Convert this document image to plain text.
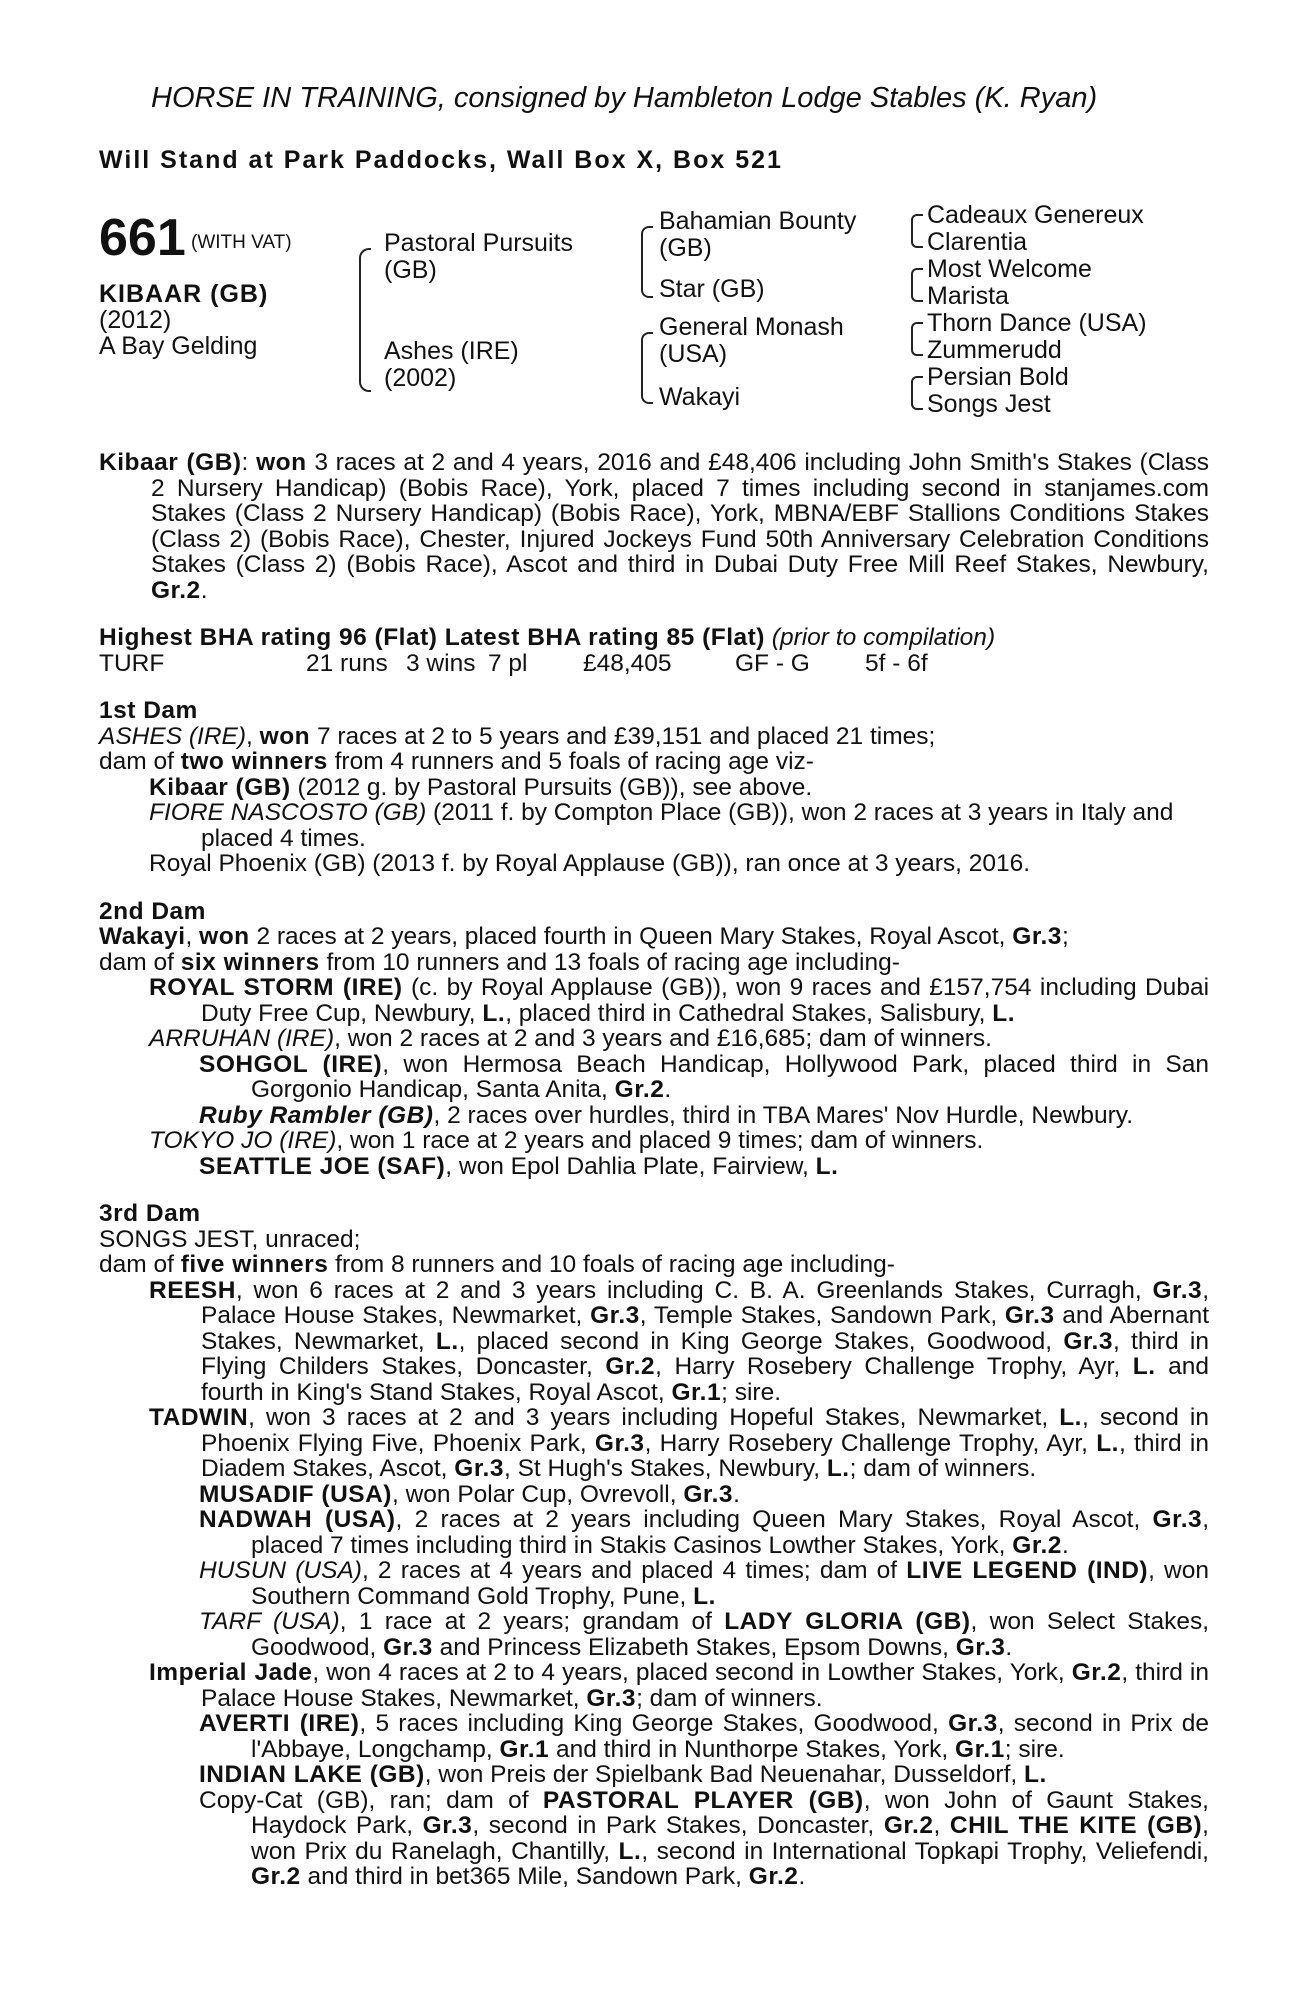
HORSE IN TRAINING, consigned by Hambleton Lodge Stables (K. Ryan)
Will Stand at Park Paddocks, Wall Box X, Box 521
661 (WITH VAT)
KIBAAR (GB)
(2012)
A Bay Gelding
Pastoral Pursuits
(GB)
Ashes (IRE)
(2002)
Bahamian Bounty
(GB)
Star (GB)
General Monash
(USA)
Wakayi
Cadeaux Genereux
Clarentia
Most Welcome
Marista
Thorn Dance (USA)
Zummerudd
Persian Bold
Songs Jest

Kibaar (GB): won 3 races at 2 and 4 years, 2016 and £48,406 including John Smith's Stakes (Class 2 Nursery Handicap) (Bobis Race), York, placed 7 times including second in stanjames.com Stakes (Class 2 Nursery Handicap) (Bobis Race), York, MBNA/EBF Stallions Conditions Stakes (Class 2) (Bobis Race), Chester, Injured Jockeys Fund 50th Anniversary Celebration Conditions Stakes (Class 2) (Bobis Race), Ascot and third in Dubai Duty Free Mill Reef Stakes, Newbury, Gr.2.

Highest BHA rating 96 (Flat) Latest BHA rating 85 (Flat) (prior to compilation)

TURF	21 runs 3 wins 7 pl	£48,405	GF - G	5f - 6f

1st Dam

ASHES (IRE), won 7 races at 2 to 5 years and £39,151 and placed 21 times;

dam of two winners from 4 runners and 5 foals of racing age viz-

Kibaar (GB) (2012 g. by Pastoral Pursuits (GB)), see above.

FIORE NASCOSTO (GB) (2011 f. by Compton Place (GB)), won 2 races at 3 years in Italy and placed 4 times.

Royal Phoenix (GB) (2013 f. by Royal Applause (GB)), ran once at 3 years, 2016.

2nd Dam

Wakayi, won 2 races at 2 years, placed fourth in Queen Mary Stakes, Royal Ascot, Gr.3;

dam of six winners from 10 runners and 13 foals of racing age including-

ROYAL STORM (IRE) (c. by Royal Applause (GB)), won 9 races and £157,754 including Dubai Duty Free Cup, Newbury, L., placed third in Cathedral Stakes, Salisbury, L.

ARRUHAN (IRE), won 2 races at 2 and 3 years and £16,685; dam of winners.

SOHGOL (IRE), won Hermosa Beach Handicap, Hollywood Park, placed third in San Gorgonio Handicap, Santa Anita, Gr.2.

Ruby Rambler (GB), 2 races over hurdles, third in TBA Mares' Nov Hurdle, Newbury.

TOKYO JO (IRE), won 1 race at 2 years and placed 9 times; dam of winners.

SEATTLE JOE (SAF), won Epol Dahlia Plate, Fairview, L.

3rd Dam

SONGS JEST, unraced;

dam of five winners from 8 runners and 10 foals of racing age including-

REESH, won 6 races at 2 and 3 years including C. B. A. Greenlands Stakes, Curragh, Gr.3, Palace House Stakes, Newmarket, Gr.3, Temple Stakes, Sandown Park, Gr.3 and Abernant Stakes, Newmarket, L., placed second in King George Stakes, Goodwood, Gr.3, third in Flying Childers Stakes, Doncaster, Gr.2, Harry Rosebery Challenge Trophy, Ayr, L. and fourth in King's Stand Stakes, Royal Ascot, Gr.1; sire.

TADWIN, won 3 races at 2 and 3 years including Hopeful Stakes, Newmarket, L., second in Phoenix Flying Five, Phoenix Park, Gr.3, Harry Rosebery Challenge Trophy, Ayr, L., third in Diadem Stakes, Ascot, Gr.3, St Hugh's Stakes, Newbury, L.; dam of winners.

MUSADIF (USA), won Polar Cup, Ovrevoll, Gr.3.

NADWAH (USA), 2 races at 2 years including Queen Mary Stakes, Royal Ascot, Gr.3, placed 7 times including third in Stakis Casinos Lowther Stakes, York, Gr.2.

HUSUN (USA), 2 races at 4 years and placed 4 times; dam of LIVE LEGEND (IND), won Southern Command Gold Trophy, Pune, L.

TARF (USA), 1 race at 2 years; grandam of LADY GLORIA (GB), won Select Stakes, Goodwood, Gr.3 and Princess Elizabeth Stakes, Epsom Downs, Gr.3.

Imperial Jade, won 4 races at 2 to 4 years, placed second in Lowther Stakes, York, Gr.2, third in Palace House Stakes, Newmarket, Gr.3; dam of winners.

AVERTI (IRE), 5 races including King George Stakes, Goodwood, Gr.3, second in Prix de l'Abbaye, Longchamp, Gr.1 and third in Nunthorpe Stakes, York, Gr.1; sire.

INDIAN LAKE (GB), won Preis der Spielbank Bad Neuenahar, Dusseldorf, L.

Copy-Cat (GB), ran; dam of PASTORAL PLAYER (GB), won John of Gaunt Stakes, Haydock Park, Gr.3, second in Park Stakes, Doncaster, Gr.2, CHIL THE KITE (GB), won Prix du Ranelagh, Chantilly, L., second in International Topkapi Trophy, Veliefendi, Gr.2 and third in bet365 Mile, Sandown Park, Gr.2.
